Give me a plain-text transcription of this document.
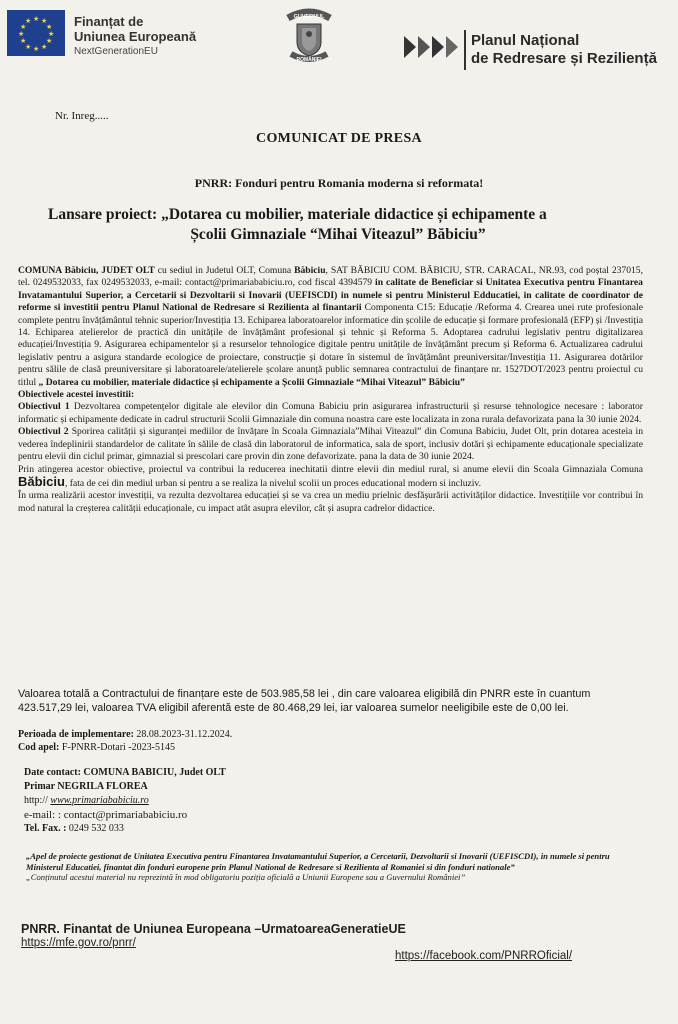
★ ★
★
★
★
★
★
★
★
★
★
★	Finanțat de
Uniunea Europeană
NextGenerationEU
GUVERNUL
ROMÂNIEI
Planul Național
de Redresare și Reziliență
Nr. Inreg.....
COMUNICAT DE PRESA
PNRR: Fonduri pentru Romania moderna si reformata!
Lansare proiect: „Dotarea cu mobilier, materiale didactice și echipamente a
Școlii Gimnaziale “Mihai Viteazul” Băbiciu”

COMUNA Băbiciu, JUDET OLT cu sediul in Judetul OLT, Comuna Băbiciu, SAT BĂBICIU COM. BĂBICIU, STR. CARACAL, NR.93, cod poștal 237015, tel. 0249532033, fax 0249532033, e-mail: contact@primariababiciu.ro, cod fiscal 4394579 in calitate de Beneficiar si Unitatea Executiva pentru Finantarea Invatamantului Superior, a Cercetarii si Dezvoltarii si Inovarii (UEFISCDI) in numele si pentru Ministerul Edducatiei, in calitate de coordinator de reforme si investitii pentru Planul National de Redresare si Rezilienta al finantarii Componenta C15: Educație /Reforma 4. Crearea unei rute profesionale complete pentru învățământul tehnic superior/Investiția 13. Echiparea laboratoarelor informatice din școlile de educație și formare profesională (EFP) și /Investiția 14. Echiparea atelierelor de practică din unitățile de învățământ profesional și tehnic și Reforma 5. Adoptarea cadrului legislativ pentru digitalizarea educației/Investiția 9. Asigurarea echipamentelor și a resurselor tehnologice digitale pentru unitățile de învățământ precum și Reforma 6. Actualizarea cadrului legislativ pentru a asigura standarde ecologice de proiectare, construcție și dotare în sistemul de învățământ preuniversitar/Investiția 11. Asigurarea dotărilor pentru sălile de clasă preuniversitare și laboratoarele/atelierele școlare anunță public semnarea contractului de finanțare nr. 1527DOT/2023 pentru proiectul cu titlul „ Dotarea cu mobilier, materiale didactice și echipamente a Școlii Gimnaziale “Mihai Viteazul” Băbiciu”

Obiectivele acestei investitii:

Obiectivul 1 Dezvoltarea competențelor digitale ale elevilor din Comuna Babiciu prin asigurarea infrastructurii și resurse tehnologice necesare : laborator informatic și echipamente dedicate in cadrul structurii Scolii Gimnaziale din comuna noastra care este localizata in zona rurala defavorizata pana la 30 iunie 2024.

Obiectivul 2 Sporirea calității și siguranței mediilor de învățare în Scoala Gimnaziala”Mihai Viteazul” din Comuna Babiciu, Judet Olt, prin dotarea acesteia in vederea îndeplinirii standardelor de calitate în sălile de clasă din laboratorul de informatica, sala de sport, inclusiv dotări și echipamente educaționale specializate pentru elevii din ciclul primar, gimnazial si prescolari care provin din zone defavorizate. pana la data de 30 iunie 2024.

Prin atingerea acestor obiective, proiectul va contribui la reducerea inechitatii dintre elevii din mediul rural, si anume elevii din Scoala Gimnaziala Comuna Băbiciu, fata de cei din mediul urban si pentru a se realiza la nivelul scolii un proces educational modern si incluziv.

În urma realizării acestor investiții, va rezulta dezvoltarea educației și se va crea un mediu prielnic desfășurării activităților didactice. Investițiile vor contribui în mod natural la creșterea calității educaționale, cu impact atât asupra elevilor, cât și asupra cadrelor didactice.

Valoarea totală a Contractului de finanțare este de 503.985,58 lei , din care valoarea eligibilă din PNRR este în cuantum 423.517,29 lei, valoarea TVA eligibil aferentă este de 80.468,29 lei, iar valoarea sumelor neeligibile este de 0,00 lei.
Perioada de implementare: 28.08.2023-31.12.2024.
Cod apel: F-PNRR-Dotari -2023-5145
Date contact: COMUNA BABICIU, Judet OLT
Primar NEGRILA FLOREA
http:// www.primariababiciu.ro
e-mail: : contact@primariababiciu.ro
Tel. Fax. : 0249 532 033
„Apel de proiecte gestionat de Unitatea Executiva pentru Finantarea Invatamantului Superior, a Cercetarii, Dezvoltarii si Inovarii (UEFISCDI), in numele si pentru Ministerul Educatiei, finantat din fonduri europene prin Planul National de Redresare si Rezilienta al Romaniei si din fonduri nationale”
„Conținutul acestui material nu reprezintă în mod obligatoriu poziția oficială a Uniunii Europene sau a Guvernului României”
PNRR. Finantat de Uniunea Europeana –UrmatoareaGeneratieUE
https://mfe.gov.ro/pnrr/
https://facebook.com/PNRROficial/
